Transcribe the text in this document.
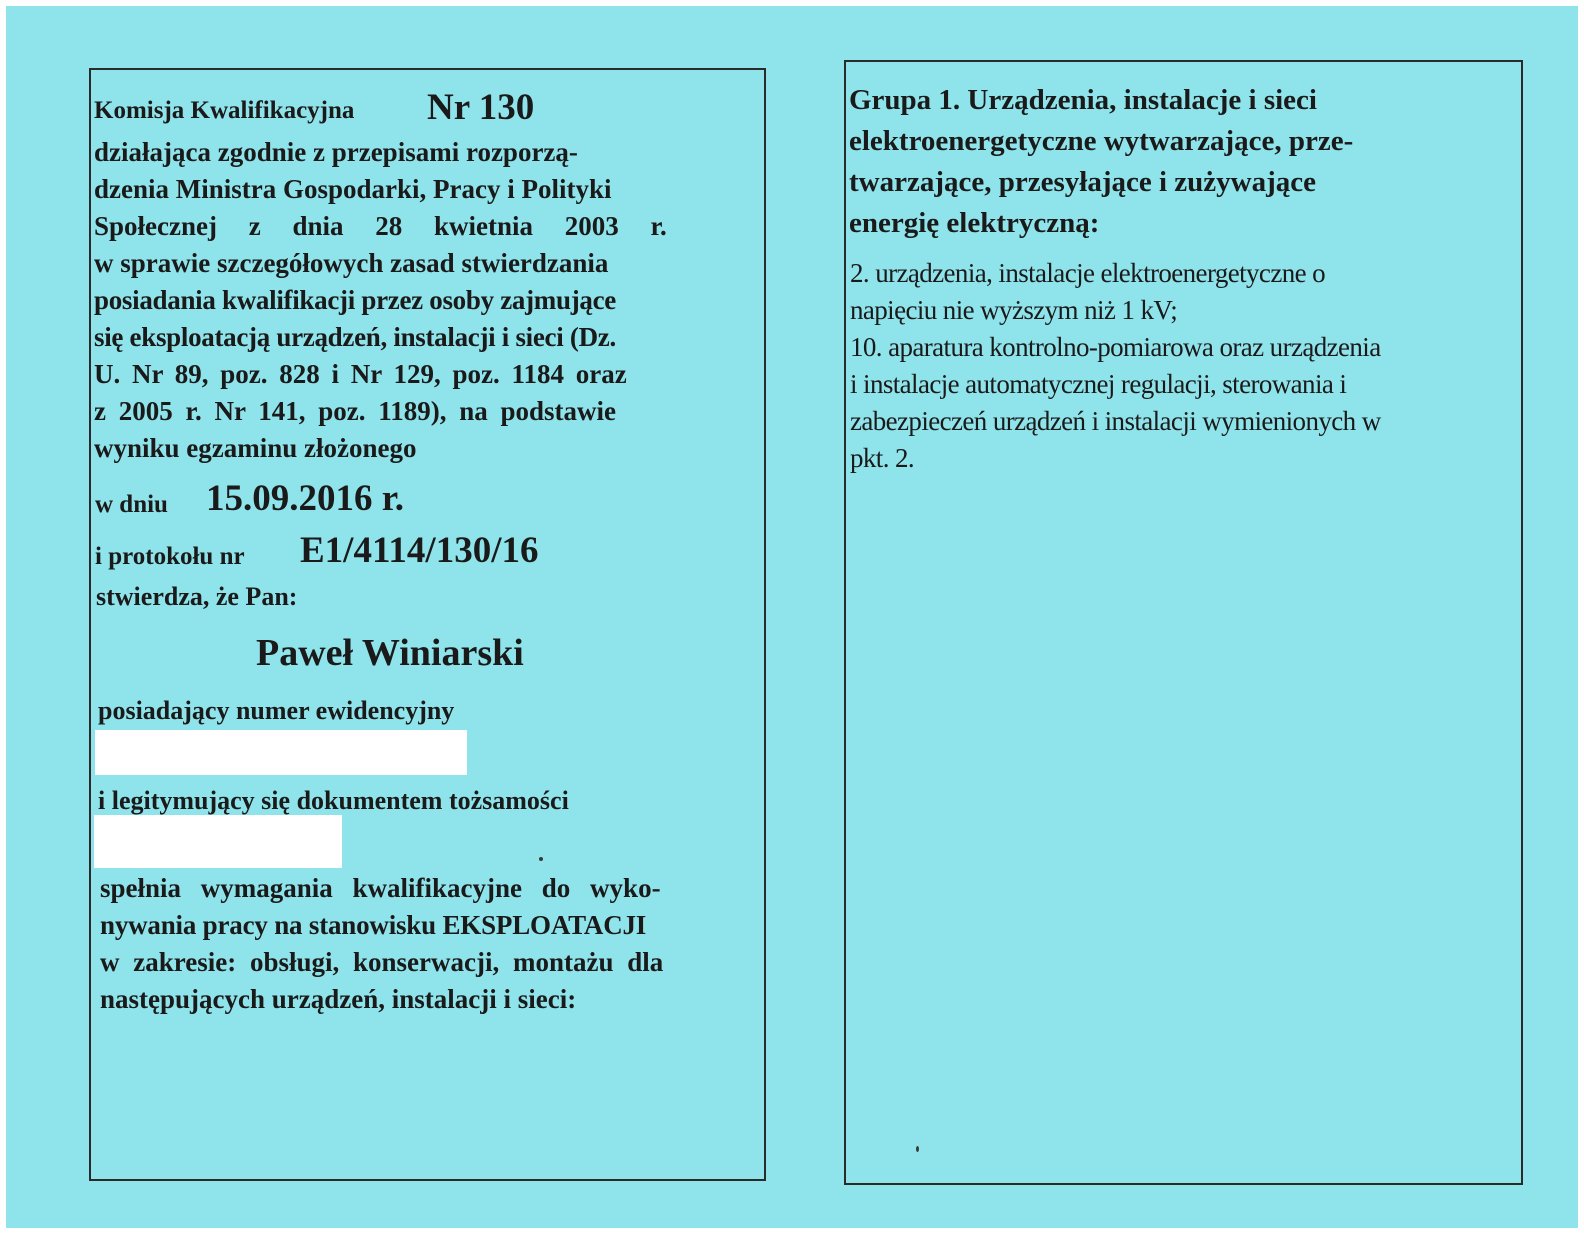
Komisja Kwalifikacyjna Nr 130
działająca zgodnie z przepisami rozporzą-
dzenia Ministra Gospodarki, Pracy i Polityki
Społecznej z dnia 28 kwietnia 2003 r.
w sprawie szczegółowych zasad stwierdzania
posiadania kwalifikacji przez osoby zajmujące
się eksploatacją urządzeń, instalacji i sieci (Dz.
U. Nr 89, poz. 828 i Nr 129, poz. 1184 oraz
z 2005 r. Nr 141, poz. 1189), na podstawie
wyniku egzaminu złożonego
w dniu 15.09.2016 r.
i protokołu nr E1/4114/130/16
stwierdza, że Pan:
Paweł Winiarski
posiadający numer ewidencyjny
i legitymujący się dokumentem tożsamości
spełnia wymagania kwalifikacyjne do wyko-
nywania pracy na stanowisku EKSPLOATACJI
w zakresie: obsługi, konserwacji, montażu dla
następujących urządzeń, instalacji i sieci:
Grupa 1. Urządzenia, instalacje i sieci
elektroenergetyczne wytwarzające, prze-
twarzające, przesyłające i zużywające
energię elektryczną:
2. urządzenia, instalacje elektroenergetyczne o
napięciu nie wyższym niż 1 kV;
10. aparatura kontrolno-pomiarowa oraz urządzenia
i instalacje automatycznej regulacji, sterowania i
zabezpieczeń urządzeń i instalacji wymienionych w
pkt. 2.
